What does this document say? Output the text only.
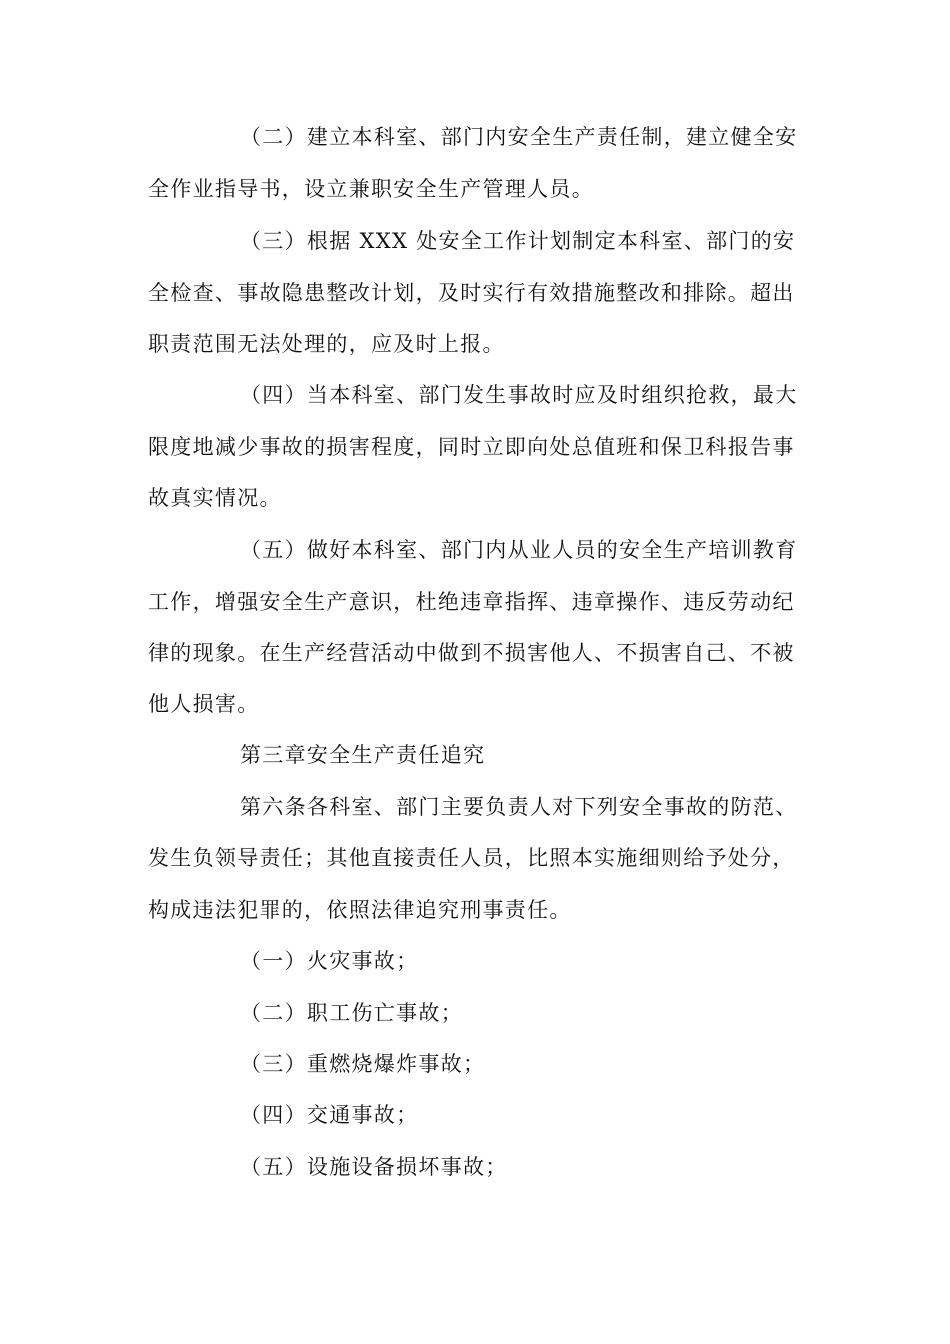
（二）建立本科室、部门内安全生产责任制，建立健全安
全作业指导书，设立兼职安全生产管理人员。
（三）根据 XXX 处安全工作计划制定本科室、部门的安
全检查、事故隐患整改计划，及时实行有效措施整改和排除。超出
职责范围无法处理的，应及时上报。
（四）当本科室、部门发生事故时应及时组织抢救，最大
限度地减少事故的损害程度，同时立即向处总值班和保卫科报告事
故真实情况。
（五）做好本科室、部门内从业人员的安全生产培训教育
工作，增强安全生产意识，杜绝违章指挥、违章操作、违反劳动纪
律的现象。在生产经营活动中做到不损害他人、不损害自己、不被
他人损害。
第三章安全生产责任追究
第六条各科室、部门主要负责人对下列安全事故的防范、
发生负领导责任；其他直接责任人员，比照本实施细则给予处分，
构成违法犯罪的，依照法律追究刑事责任。
（一）火灾事故；
（二）职工伤亡事故；
（三）重燃烧爆炸事故；
（四）交通事故；
（五）设施设备损坏事故；
